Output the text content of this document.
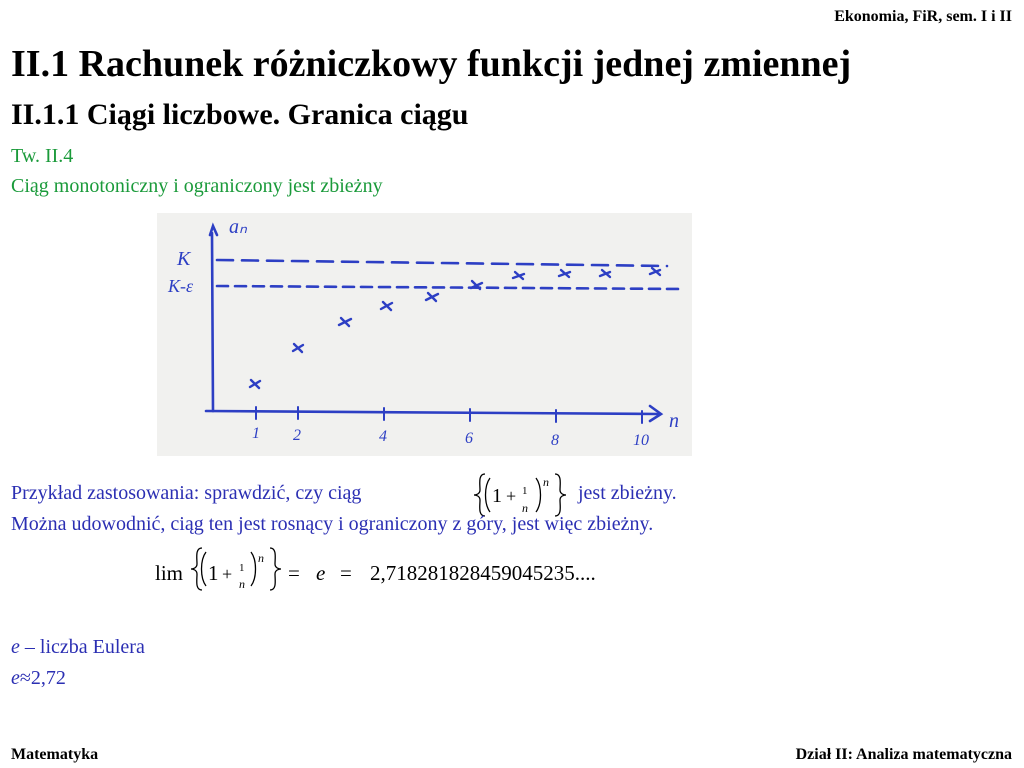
Ekonomia, FiR, sem. I i II
II.1 Rachunek różniczkowy funkcji jednej zmiennej
II.1.1 Ciągi liczbowe. Granica ciągu
Tw. II.4
Ciąg monotoniczny i ograniczony jest zbieżny
aₙ
n
K
K-ε
1 2	4	6	8	10
Przykład zastosowania: sprawdzić, czy ciąg	1 + 1
n
n jest zbieżny.
Można udowodnić, ciąg ten jest rosnący i ograniczony z góry, jest więc zbieżny.
lim 1 + 1
n
n
= e = 2,718281828459045235....
e – liczba Eulera
e≈2,72
Matematyka	Dział II: Analiza matematyczna
